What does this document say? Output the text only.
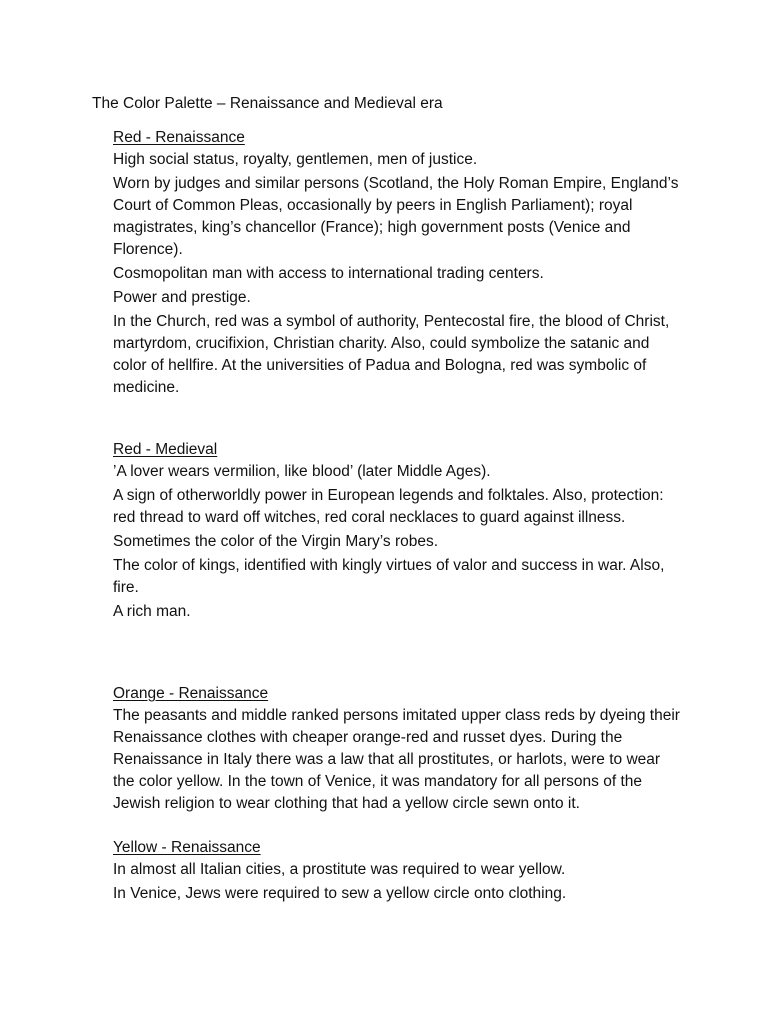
The Color Palette – Renaissance and Medieval era
Red - Renaissance

High social status, royalty, gentlemen, men of justice.

Worn by judges and similar persons (Scotland, the Holy Roman Empire, England’s Court of Common Pleas, occasionally by peers in English Parliament); royal magistrates, king’s chancellor (France); high government posts (Venice and Florence).

Cosmopolitan man with access to international trading centers.

Power and prestige.

In the Church, red was a symbol of authority, Pentecostal fire, the blood of Christ, martyrdom, crucifixion, Christian charity. Also, could symbolize the satanic and color of hellfire. At the universities of Padua and Bologna, red was symbolic of medicine.

Red - Medieval

’A lover wears vermilion, like blood’ (later Middle Ages).

A sign of otherworldly power in European legends and folktales. Also, protection: red thread to ward off witches, red coral necklaces to guard against illness.

Sometimes the color of the Virgin Mary’s robes.

The color of kings, identified with kingly virtues of valor and success in war. Also, fire.

A rich man.

Orange - Renaissance

The peasants and middle ranked persons imitated upper class reds by dyeing their Renaissance clothes with cheaper orange-red and russet dyes. During the Renaissance in Italy there was a law that all prostitutes, or harlots, were to wear the color yellow. In the town of Venice, it was mandatory for all persons of the Jewish religion to wear clothing that had a yellow circle sewn onto it.

Yellow - Renaissance

In almost all Italian cities, a prostitute was required to wear yellow.

In Venice, Jews were required to sew a yellow circle onto clothing.
